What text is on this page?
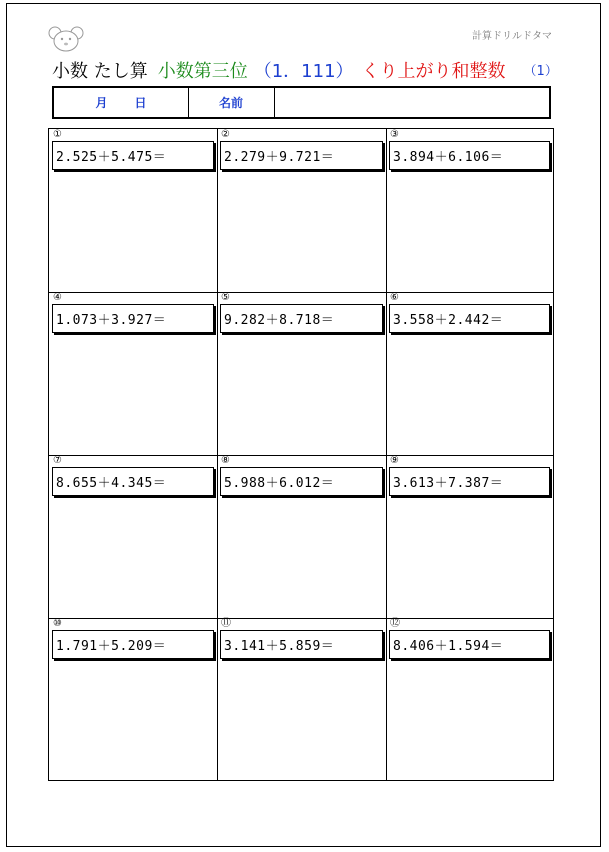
計算ドリルドタマ
小数 たし算 小数第三位 （1．111） くり上がり和整数 （1）
月 日	名前
①
2.525＋5.475＝
②
2.279＋9.721＝
③
3.894＋6.106＝
④
1.073＋3.927＝
⑤
9.282＋8.718＝
⑥
3.558＋2.442＝
⑦
8.655＋4.345＝
⑧
5.988＋6.012＝
⑨
3.613＋7.387＝
⑩
1.791＋5.209＝
⑪
3.141＋5.859＝
⑫
8.406＋1.594＝
